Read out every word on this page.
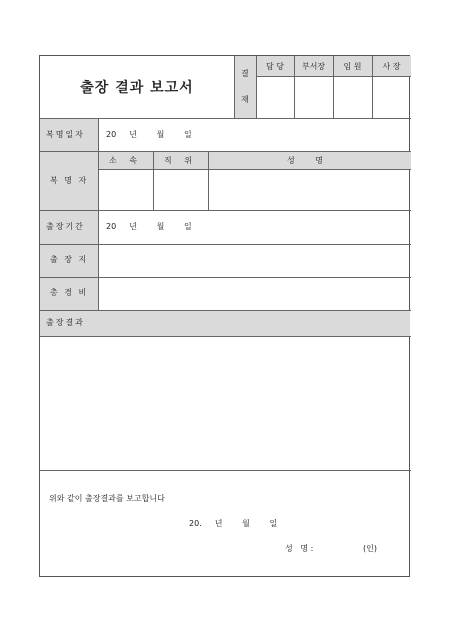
출장 결과 보고서
결
재
담 당	부서장	임 원	사 장
복명일자	20  년   월   일
복 명 자
소 속	직 위	성 명
출장기간	20  년   월   일
출 장 지
총 경 비
출장결과
위와 같이 출장결과를 보고합니다
20.  년   월   일
성   명 :	(인)
